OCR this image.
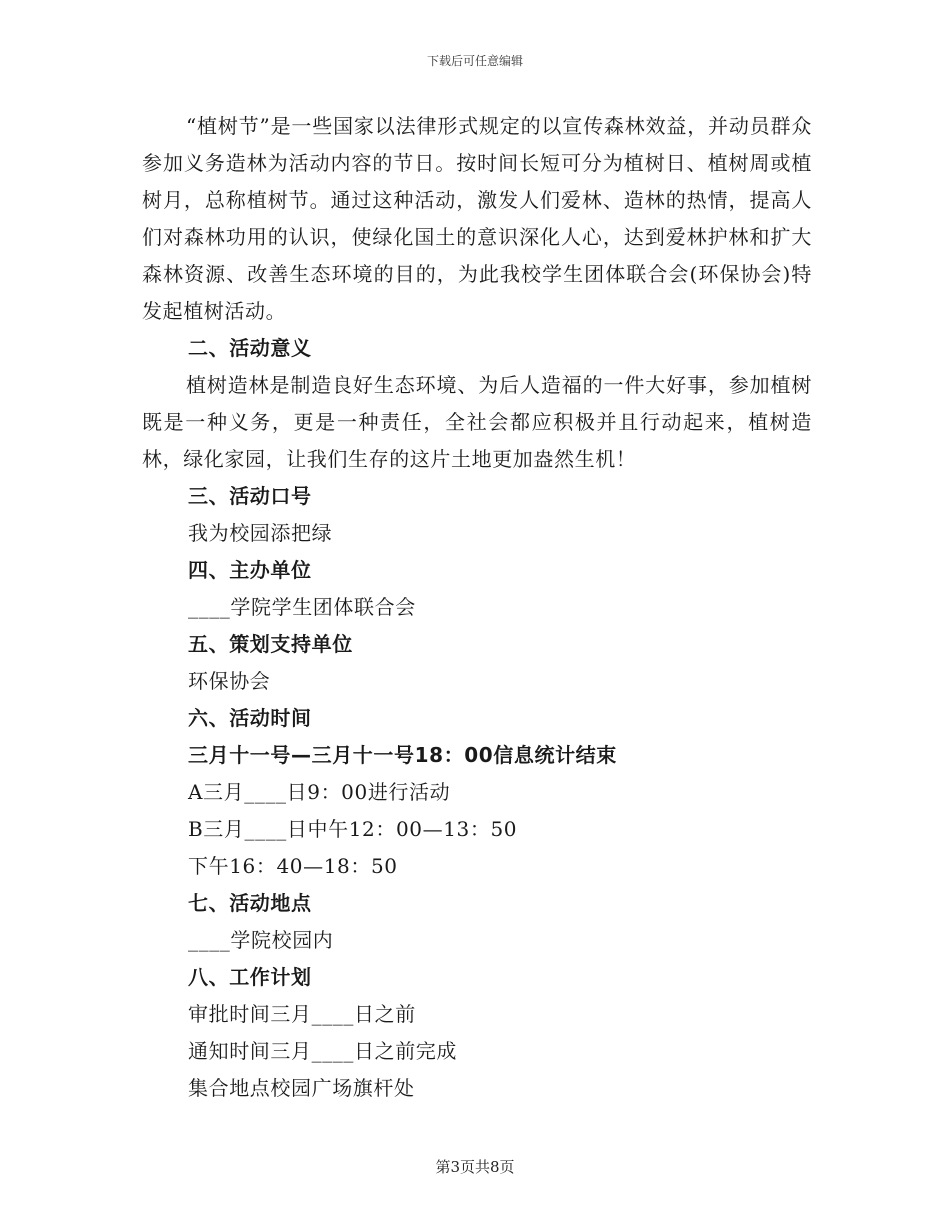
下载后可任意编辑

“植树节”是一些国家以法律形式规定的以宣传森林效益，并动员群众参加义务造林为活动内容的节日。按时间长短可分为植树日、植树周或植树月，总称植树节。通过这种活动，激发人们爱林、造林的热情，提高人们对森林功用的认识，使绿化国土的意识深化人心，达到爱林护林和扩大森林资源、改善生态环境的目的，为此我校学生团体联合会(环保协会)特发起植树活动。

二、活动意义

植树造林是制造良好生态环境、为后人造福的一件大好事，参加植树既是一种义务，更是一种责任，全社会都应积极并且行动起来，植树造林，绿化家园，让我们生存的这片土地更加盎然生机！

三、活动口号

我为校园添把绿

四、主办单位

____学院学生团体联合会

五、策划支持单位

环保协会

六、活动时间

三月十一号—三月十一号18：00信息统计结束

A三月____日9：00进行活动

B三月____日中午12：00—13：50

下午16：40—18：50

七、活动地点

____学院校园内

八、工作计划

审批时间三月____日之前

通知时间三月____日之前完成

集合地点校园广场旗杆处

第3页共8页
